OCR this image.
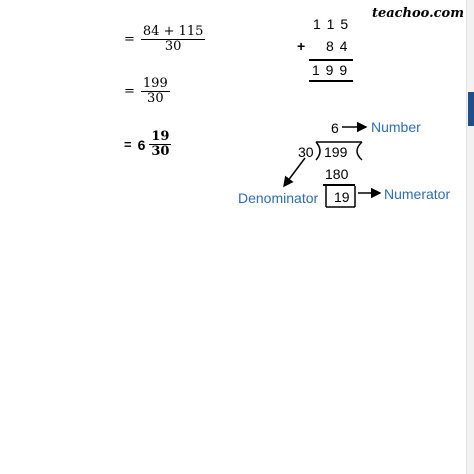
teachoo.com
= $\frac{84 + 115}{30}$
= $\frac{199}{30}$
= $6 \frac{19}{30}$
1 1 5
+ 8 4
1 9 9
6
30 199
180
19
Number
Denominator	Numerator
